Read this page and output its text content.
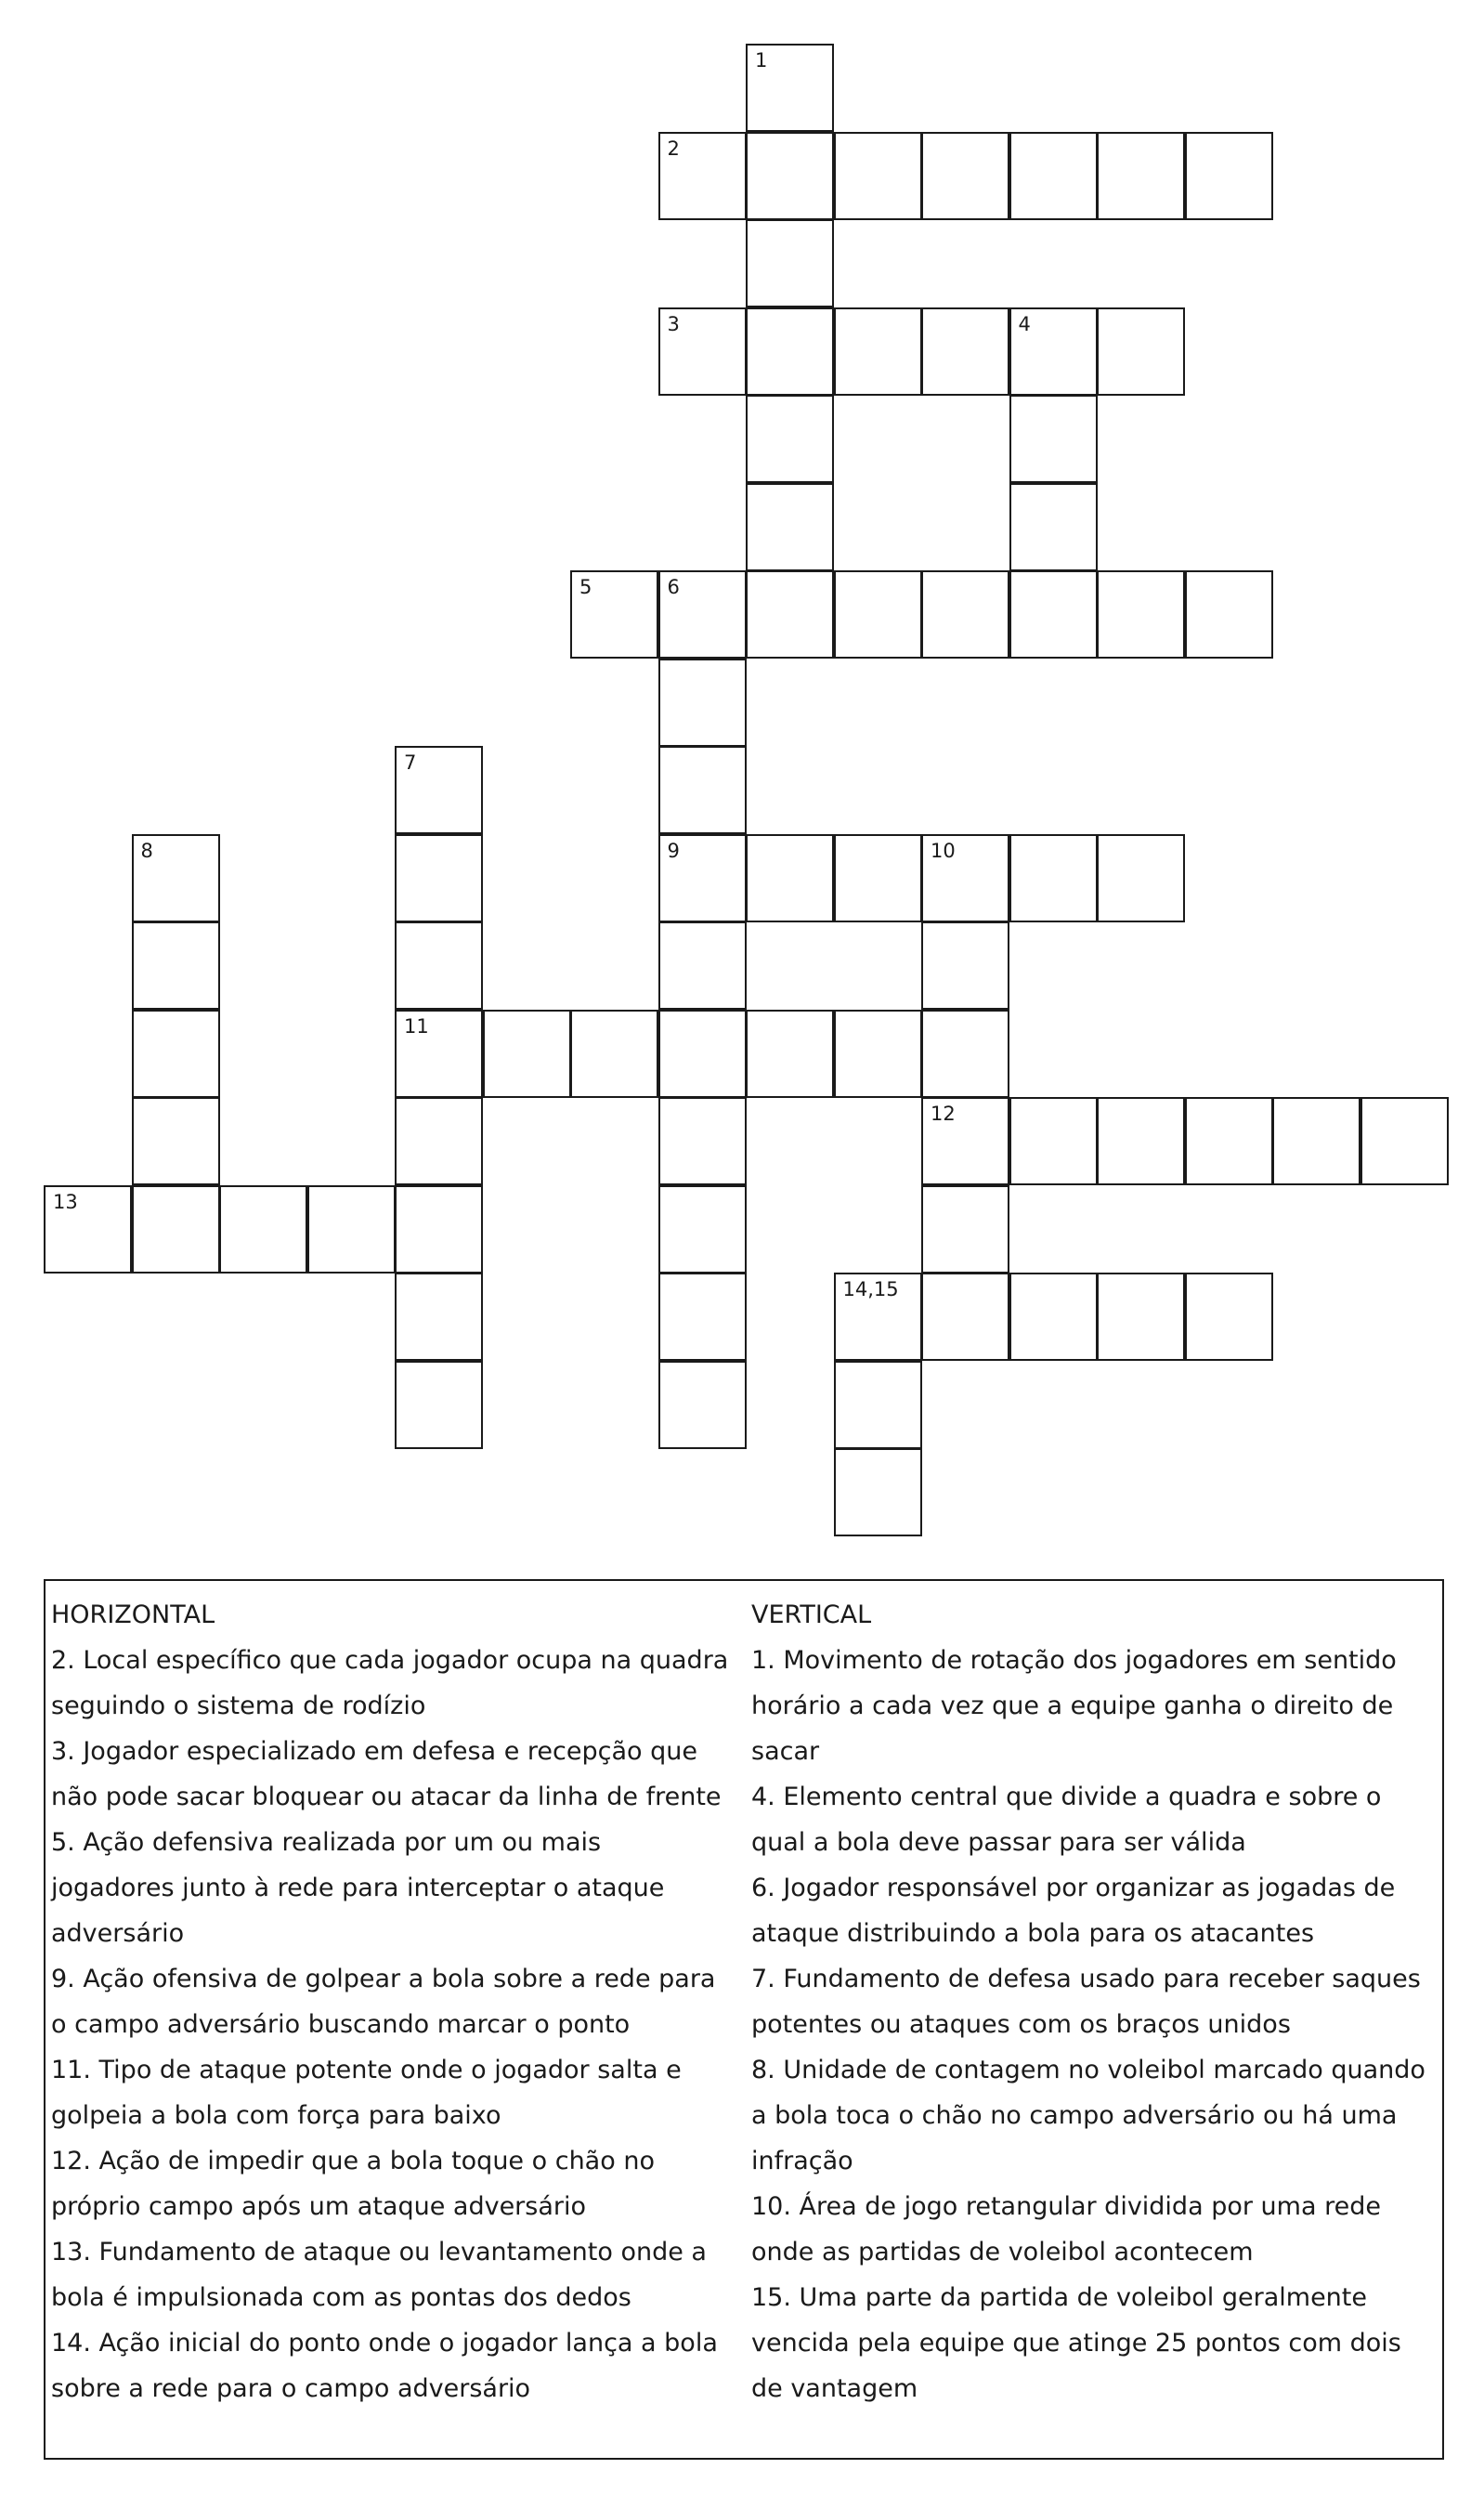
1
2
3	4
5	6
7
8	9	10
11
12
13
14,15

HORIZONTAL

2. Local específico que cada jogador ocupa na quadra seguindo o sistema de rodízio

3. Jogador especializado em defesa e recepção que não pode sacar bloquear ou atacar da linha de frente

5. Ação defensiva realizada por um ou mais jogadores junto à rede para interceptar o ataque adversário

9. Ação ofensiva de golpear a bola sobre a rede para o campo adversário buscando marcar o ponto

11. Tipo de ataque potente onde o jogador salta e golpeia a bola com força para baixo

12. Ação de impedir que a bola toque o chão no próprio campo após um ataque adversário

13. Fundamento de ataque ou levantamento onde a bola é impulsionada com as pontas dos dedos

14. Ação inicial do ponto onde o jogador lança a bola sobre a rede para o campo adversário

VERTICAL

1. Movimento de rotação dos jogadores em sentido horário a cada vez que a equipe ganha o direito de sacar

4. Elemento central que divide a quadra e sobre o qual a bola deve passar para ser válida

6. Jogador responsável por organizar as jogadas de ataque distribuindo a bola para os atacantes

7. Fundamento de defesa usado para receber saques potentes ou ataques com os braços unidos

8. Unidade de contagem no voleibol marcado quando a bola toca o chão no campo adversário ou há uma infração

10. Área de jogo retangular dividida por uma rede onde as partidas de voleibol acontecem

15. Uma parte da partida de voleibol geralmente vencida pela equipe que atinge 25 pontos com dois de vantagem
